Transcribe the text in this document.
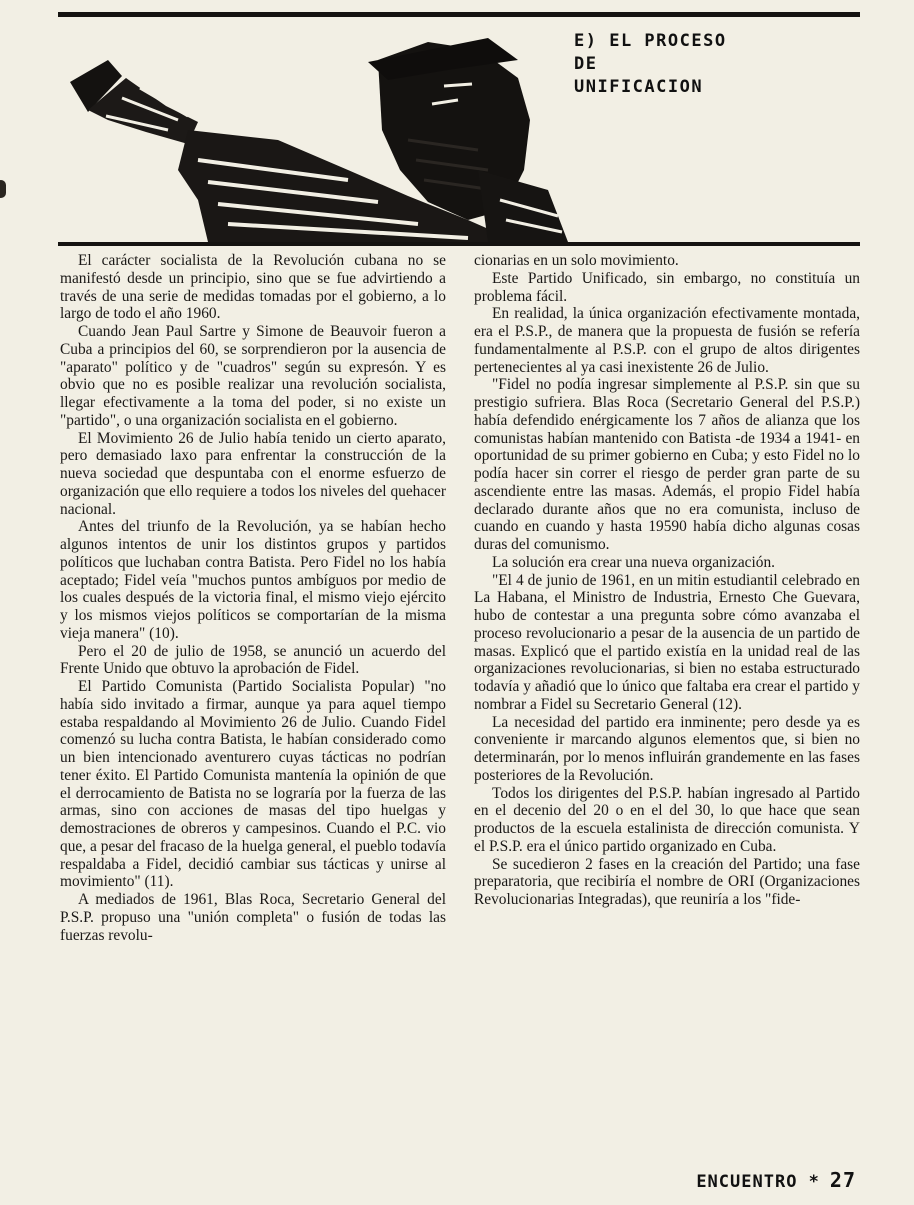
E) EL PROCESO
DE
UNIFICACION

El carácter socialista de la Revolución cubana no se manifestó desde un principio, sino que se fue advirtiendo a través de una serie de medidas tomadas por el gobierno, a lo largo de todo el año 1960.

Cuando Jean Paul Sartre y Simone de Beauvoir fueron a Cuba a principios del 60, se sorprendieron por la ausencia de "aparato" político y de "cuadros" según su expresón. Y es obvio que no es posible realizar una revolución socialista, llegar efectivamente a la toma del poder, si no existe un "partido", o una organización socialista en el gobierno.

El Movimiento 26 de Julio había tenido un cierto aparato, pero demasiado laxo para enfrentar la construcción de la nueva sociedad que despuntaba con el enorme esfuerzo de organización que ello requiere a todos los niveles del quehacer nacional.

Antes del triunfo de la Revolución, ya se habían hecho algunos intentos de unir los distintos grupos y partidos políticos que luchaban contra Batista. Pero Fidel no los había aceptado; Fidel veía "muchos puntos ambíguos por medio de los cuales después de la victoria final, el mismo viejo ejército y los mismos viejos políticos se comportarían de la misma vieja manera" (10).

Pero el 20 de julio de 1958, se anunció un acuerdo del Frente Unido que obtuvo la aprobación de Fidel.

El Partido Comunista (Partido Socialista Popular) "no había sido invitado a firmar, aunque ya para aquel tiempo estaba respaldando al Movimiento 26 de Julio. Cuando Fidel comenzó su lucha contra Batista, le habían considerado como un bien intencionado aventurero cuyas tácticas no podrían tener éxito. El Partido Comunista mantenía la opinión de que el derrocamiento de Batista no se lograría por la fuerza de las armas, sino con acciones de masas del tipo huelgas y demostraciones de obreros y campesinos. Cuando el P.C. vio que, a pesar del fracaso de la huelga general, el pueblo todavía respaldaba a Fidel, decidió cambiar sus tácticas y unirse al movimiento" (11).

A mediados de 1961, Blas Roca, Secretario General del P.S.P. propuso una "unión completa" o fusión de todas las fuerzas revolu-

cionarias en un solo movimiento.

Este Partido Unificado, sin embargo, no constituía un problema fácil.

En realidad, la única organización efectivamente montada, era el P.S.P., de manera que la propuesta de fusión se refería fundamentalmente al P.S.P. con el grupo de altos dirigentes pertenecientes al ya casi inexistente 26 de Julio.

"Fidel no podía ingresar simplemente al P.S.P. sin que su prestigio sufriera. Blas Roca (Secretario General del P.S.P.) había defendido enérgicamente los 7 años de alianza que los comunistas habían mantenido con Batista -de 1934 a 1941- en oportunidad de su primer gobierno en Cuba; y esto Fidel no lo podía hacer sin correr el riesgo de perder gran parte de su ascendiente entre las masas. Además, el propio Fidel había declarado durante años que no era comunista, incluso de cuando en cuando y hasta 19590 había dicho algunas cosas duras del comunismo.

La solución era crear una nueva organización.

"El 4 de junio de 1961, en un mitin estudiantil celebrado en La Habana, el Ministro de Industria, Ernesto Che Guevara, hubo de contestar a una pregunta sobre cómo avanzaba el proceso revolucionario a pesar de la ausencia de un partido de masas. Explicó que el partido existía en la unidad real de las organizaciones revolucionarias, si bien no estaba estructurado todavía y añadió que lo único que faltaba era crear el partido y nombrar a Fidel su Secretario General (12).

La necesidad del partido era inminente; pero desde ya es conveniente ir marcando algunos elementos que, si bien no determinarán, por lo menos influirán grandemente en las fases posteriores de la Revolución.

Todos los dirigentes del P.S.P. habían ingresado al Partido en el decenio del 20 o en el del 30, lo que hace que sean productos de la escuela estalinista de dirección comunista. Y el P.S.P. era el único partido organizado en Cuba.

Se sucedieron 2 fases en la creación del Partido; una fase preparatoria, que recibiría el nombre de ORI (Organizaciones Revolucionarias Integradas), que reuniría a los "fide-

ENCUENTRO * 27
